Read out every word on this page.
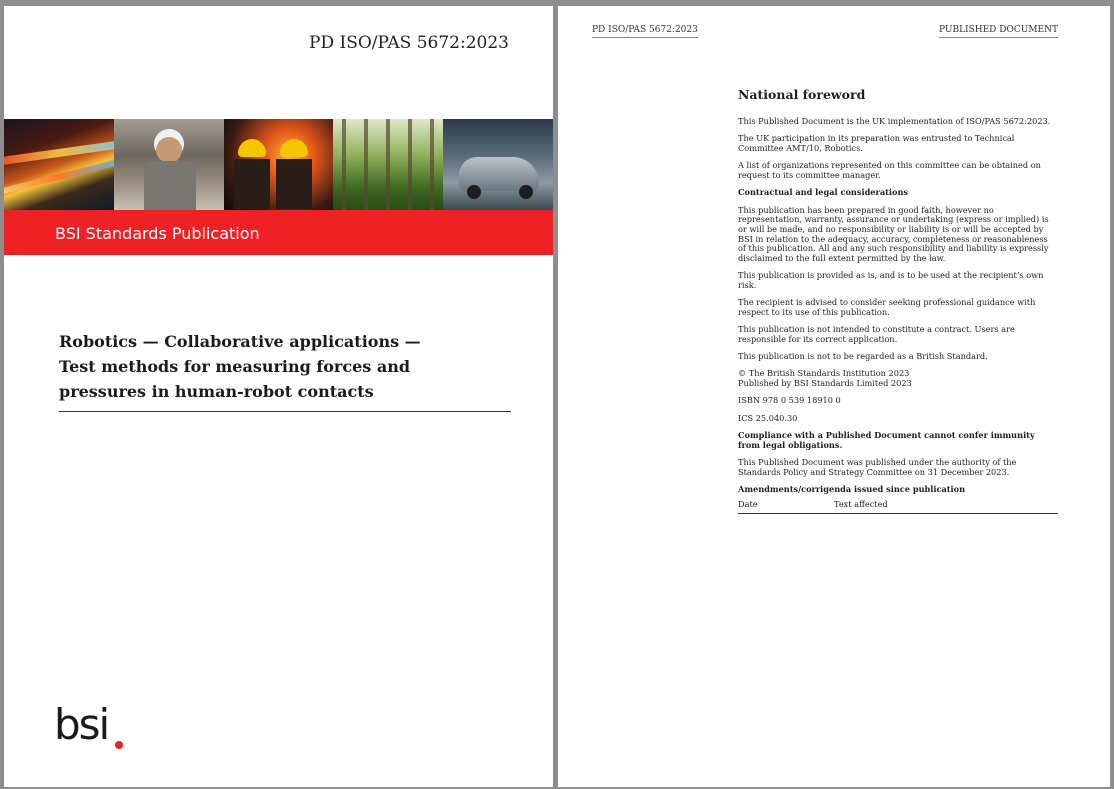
PD ISO/PAS 5672:2023
BSI Standards Publication
Robotics — Collaborative applications —
Test methods for measuring forces and
pressures in human-robot contacts
bsi
PD ISO/PAS 5672:2023	PUBLISHED DOCUMENT
National foreword

This Published Document is the UK implementation of ISO/PAS 5672:2023.

The UK participation in its preparation was entrusted to Technical Committee AMT/10, Robotics.

A list of organizations represented on this committee can be obtained on request to its committee manager.

Contractual and legal considerations

This publication has been prepared in good faith, however no representation, warranty, assurance or undertaking (express or implied) is or will be made, and no responsibility or liability is or will be accepted by BSI in relation to the adequacy, accuracy, completeness or reasonableness of this publication. All and any such responsibility and liability is expressly disclaimed to the full extent permitted by the law.

This publication is provided as is, and is to be used at the recipient’s own risk.

The recipient is advised to consider seeking professional guidance with respect to its use of this publication.

This publication is not intended to constitute a contract. Users are responsible for its correct application.

This publication is not to be regarded as a British Standard.

© The British Standards Institution 2023
Published by BSI Standards Limited 2023

ISBN 978 0 539 18910 0

ICS 25.040.30

Compliance with a Published Document cannot confer immunity from legal obligations.

This Published Document was published under the authority of the Standards Policy and Strategy Committee on 31 December 2023.

Amendments/corrigenda issued since publication
Date	Text affected
